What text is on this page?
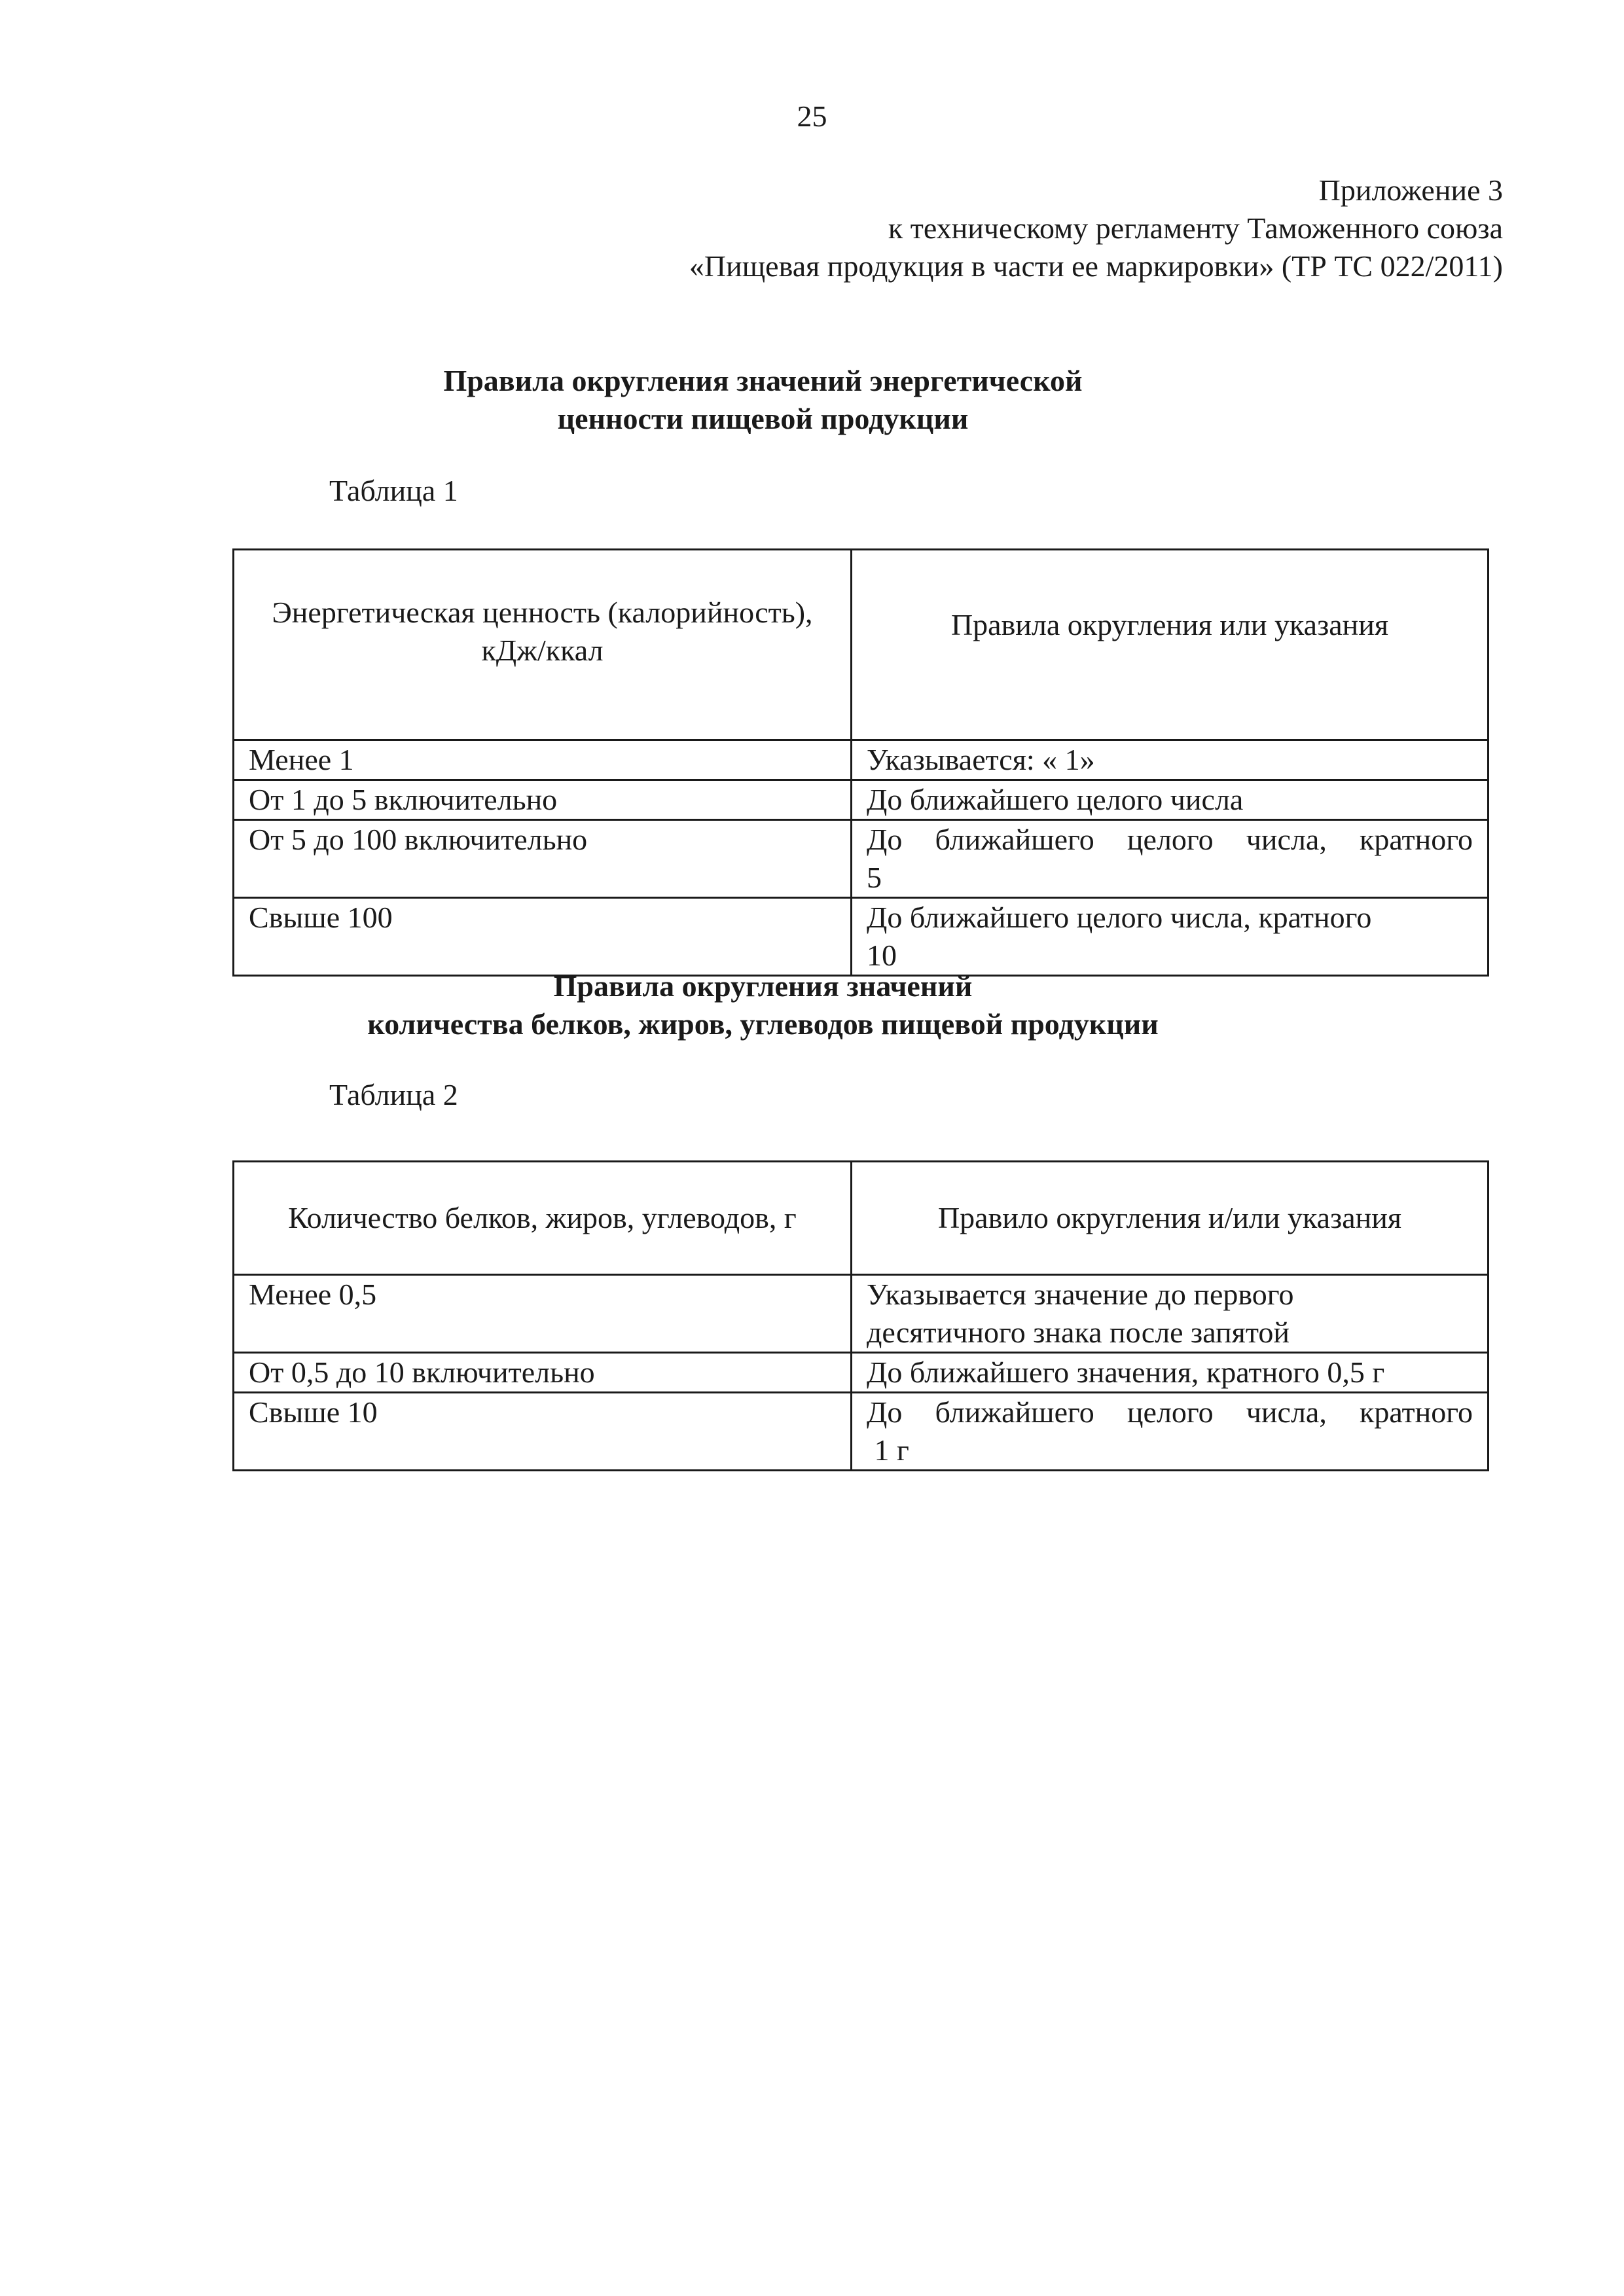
25
Приложение 3
к техническому регламенту Таможенного союза
«Пищевая продукция в части ее маркировки» (ТР ТС 022/2011)
Правила округления значений энергетической
ценности пищевой продукции
Таблица 1
Энергетическая ценность (калорийность),
кДж/ккал	Правила округления или указания

Менее 1	Указывается: « 1»
От 1 до 5 включительно	До ближайшего целого числа
От 5 до 100 включительно	До ближайшего целого числа, кратного
5
Свыше 100	До ближайшего целого числа, кратного
10
Правила округления значений
количества белков, жиров, углеводов пищевой продукции
Таблица 2
Количество белков, жиров, углеводов, г	Правило округления и/или указания
Менее 0,5	Указывается значение до первого
десятичного знака после запятой

От 0,5 до 10 включительно	До ближайшего значения, кратного 0,5 г
Свыше 10	До ближайшего целого числа, кратного
1 г
